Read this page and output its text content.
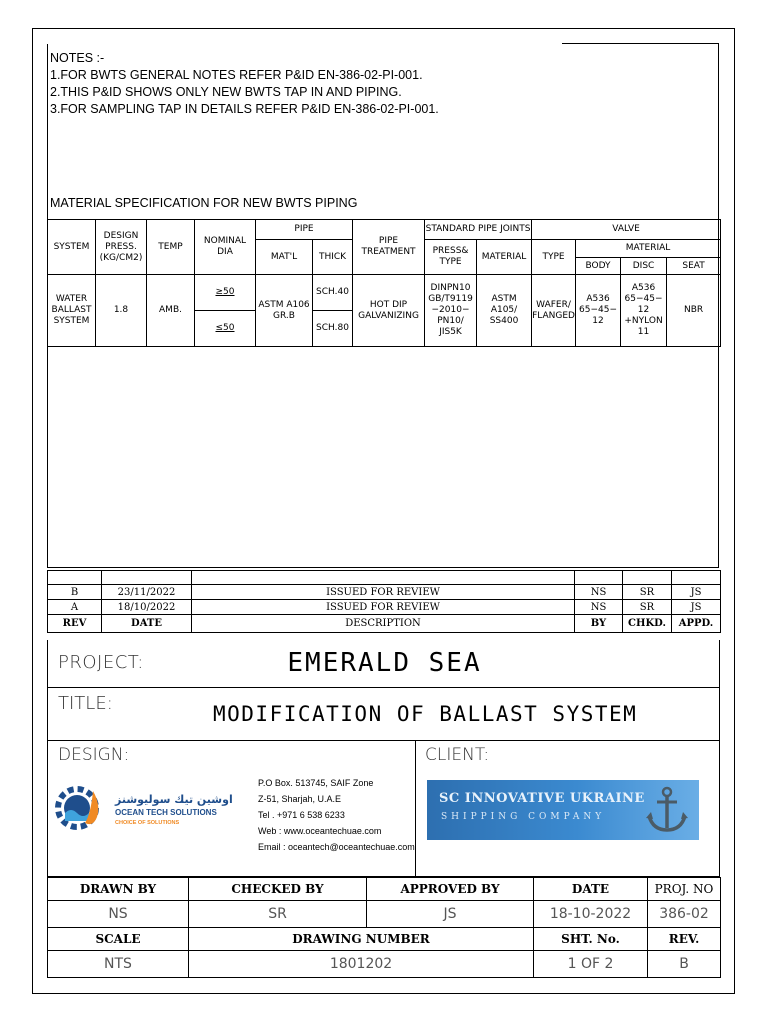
NOTES :-
1.FOR BWTS GENERAL NOTES REFER P&ID EN-386-02-PI-001.
2.THIS P&ID SHOWS ONLY NEW BWTS TAP IN AND PIPING.
3.FOR SAMPLING TAP IN DETAILS REFER P&ID EN-386-02-PI-001.
MATERIAL SPECIFICATION FOR NEW BWTS PIPING
SYSTEM	DESIGN PRESS. (KG/CM2)	TEMP	NOMINAL DIA	PIPE		PIPE TREATMENT	STANDARD PIPE JOINTS		VALVE			
				MAT'L	THICK		PRESS& TYPE	MATERIAL	TYPE	MATERIAL		
										BODY	DISC	SEAT
WATER BALLAST SYSTEM	1.8	AMB.	≥50	ASTM A106 GR.B	SCH.40	HOT DIP GALVANIZING	DINPN10 GB/T9119 −2010− PN10/ JIS5K	ASTM A105/ SS400	WAFER/ FLANGED	A536 65−45− 12	A536 65−45− 12 +NYLON 11	NBR
			≤50		SCH.80							

B	23/11/2022	ISSUED FOR REVIEW	NS	SR	JS
A	18/10/2022	ISSUED FOR REVIEW	NS	SR	JS
REV	DATE	DESCRIPTION	BY	CHKD.	APPD.
PROJECT:	EMERALD SEA
TITLE:	MODIFICATION OF BALLAST SYSTEM
DESIGN:	CLIENT:
اوشين تيك سوليوشنز
OCEAN TECH SOLUTIONS
CHOICE OF SOLUTIONS
P.O Box. 513745, SAIF Zone
Z-51, Sharjah, U.A.E
Tel . +971 6 538 6233
Web : www.oceantechuae.com
Email : oceantech@oceantechuae.com
SC INNOVATIVE UKRAINE
SHIPPING COMPANY
DRAWN BY	CHECKED BY	APPROVED BY	DATE	PROJ. NO
NS	SR	JS	18-10-2022	386-02
SCALE	DRAWING NUMBER		SHT. No.	REV.
NTS	1801202		1 OF 2	B
